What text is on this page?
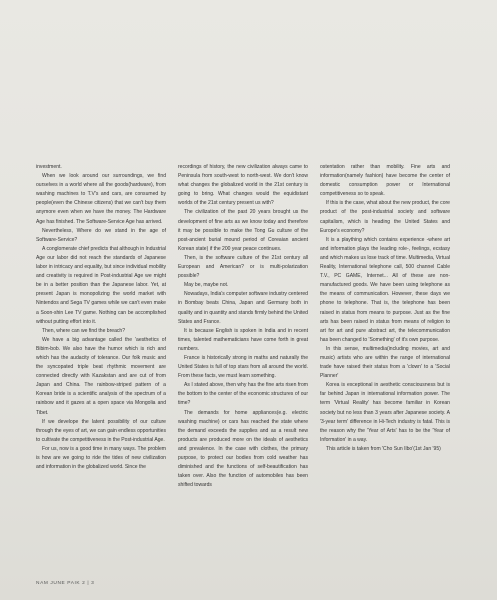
investment.

When we look around our surroundings, we find ourselves in a world where all the goods(hardware), from washing machines to T.V's and cars, are consumed by people(even the Chinese citizens) that we can't buy them anymore even when we have the money. The Hardware Age has finished. The Software-Service Age has arrived.

Nevertheless, Where do we stand in the age of Software-Service?

A conglomerate chief predicts that although in Industrial Age our labor did not reach the standards of Japanese labor in intricacy and equality, but since individual mobility and creativity is required in Post-industrial Age we might be in a better position than the Japanese labor. Yet, at present Japan is monopolizing the world market with Nintendos and Sega TV games while we can't even make a Soon-shin Lee TV game. Nothing can be accomplished without putting effort into it.

Then, where can we find the breach?

We have a big advantage called the 'aesthetics of Bibim-bob. We also have the humor which is rich and which has the audacity of tolerance. Our folk music and the syncopated triple beat rhythmic movement are connected directly with Kazakstan and are cut of from Japan and China. The rainbow-striped pattern of a Korean bride is a scientific analysis of the spectrum of a rainbow and it gazes at a open space via Mongolia and Tibet.

If we develope the latent possibility of our culture through the eyes of art, we can gain endless opportunities to cultivate the competitiveness in the Post-industrial Age.

For us, now is a good time in many ways. The problem is how are we going to ride the tides of new civilization and information in the globalized world. Since the

recordings of history, the new civilization always came to Peninsula from south-west to north-west. We don't know what changes the globalized world in the 21st century is going to bring. What changes would the equidistant worlds of the 21st century present us with?

The civilization of the past 20 years brought us the development of fine arts as we know today and therefore it may be possible to make the Tong Gu culture of the post-ancient burial mound period of Coreaian ancient Korean state) if the 200 year peace continues.

Then, is the software culture of the 21st century all European and American? or is multi-polarization possible?

May be, maybe not.

Nowadays, India's computer software industry centered in Bombay beats China, Japan and Germany both in quality and in quantity and stands firmly behind the United States and France.

It is because English is spoken in India and in recent times, talented mathematicians have come forth in great numbers.

France is historically strong in maths and naturally the United States is full of top stars from all around the world. From these facts, we must learn something.

As I stated above, then why has the fine arts risen from the bottom to the center of the economic structures of our time?

The demands for home appliances(e.g. electric washing machine) or cars has reached the state where the demand exceeds the supplies and as a result new products are produced more on the ideals of aesthetics and prevalence. In the case with clothes, the primary purpose, to protect our bodies from cold weather has diminished and the functions of self-beautification has taken over. Also the function of automobiles has been shifted towards

ostentation rather than mobility. Fine arts and information(namely fashion) have become the center of domestic consumption power or International competitiveness so to speak.

If this is the case, what about the new product, the core product of the post-industrial society and software capitalism, which is heading the United States and Europe's economy?

It is a plaything which contains experience -where art and information plays the leading role-, feelings, ecstasy and which makes us lose track of time. Multimedia, Virtual Reality, International telephone call, 500 channel Cable T.V., PC GAME, Internet... All of these are non-manufactured goods. We have been using telephone as the means of communication. However, these days we phone to telephone. That is, the telephone has been raised in status from means to purpose. Just as the fine arts has been raised in status from means of religion to art for art and pure abstract art, the telecommunication has been changed to 'Something' of it's own purpose.

In this sense, multimedia(including movies, art and music) artists who are within the range of international trade have raised their status from a 'clown' to a 'Social Planner'

Korea is exceptional in aesthetic consciousness but is far behind Japan in international information power. The term 'Virtual Reality' has become familiar in Korean society but no less than 3 years after Japanese society. A '3-year term' difference in Hi-Tech industry is fatal. This is the reason why the 'Year of Arts' has to be the 'Year of Information' in a way.

This article is taken from 'Cho Sun Ilbo'(1st Jan '95)

NAM JUNE PAIK 2 | 3
